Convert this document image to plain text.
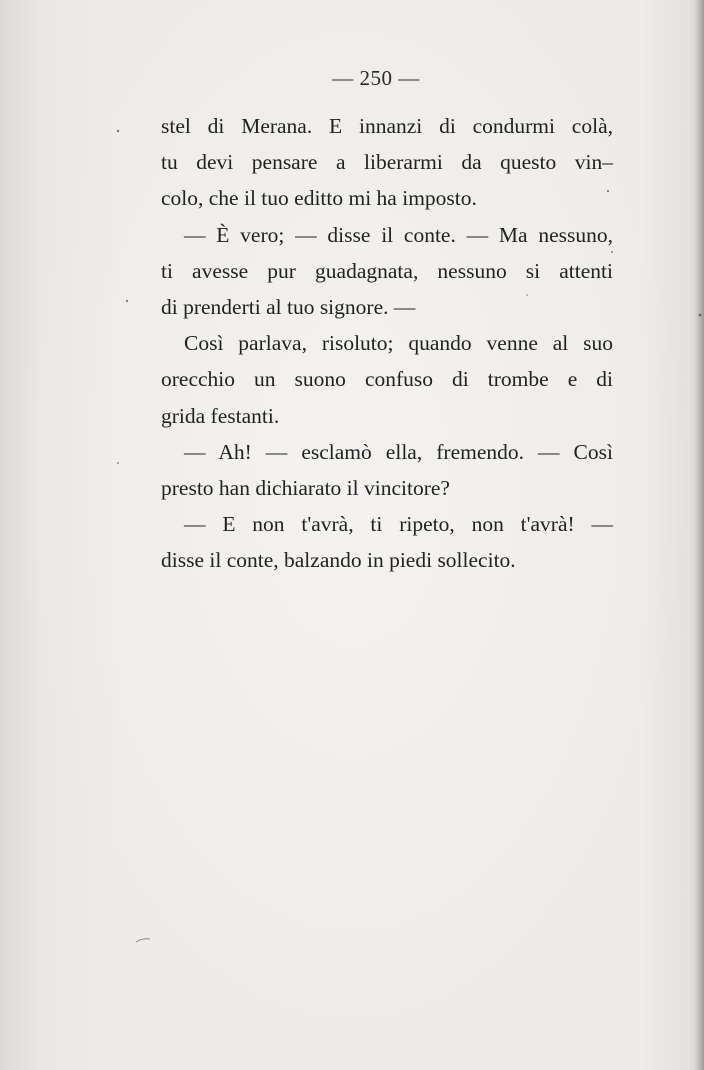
— 250 —
stel di Merana. E innanzi di condurmi colà,
tu devi pensare a liberarmi da questo vin–
colo, che il tuo editto mi ha imposto.
— È vero; — disse il conte. — Ma nessuno,
ti avesse pur guadagnata, nessuno si attenti
di prenderti al tuo signore. —
Così parlava, risoluto; quando venne al suo
orecchio un suono confuso di trombe e di
grida festanti.
— Ah! — esclamò ella, fremendo. — Così
presto han dichiarato il vincitore?
— E non t'avrà, ti ripeto, non t'avrà! —
disse il conte, balzando in piedi sollecito.
